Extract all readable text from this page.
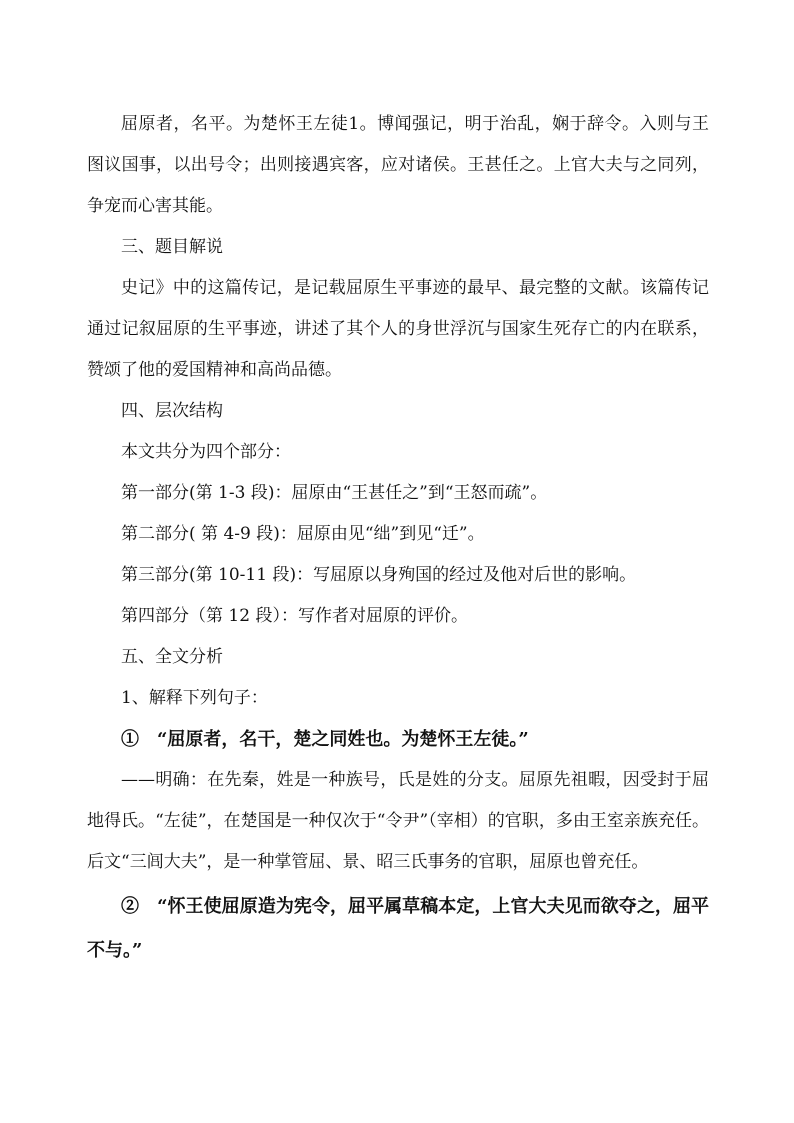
屈原者，名平。为楚怀王左徒1。博闻强记，明于治乱，娴于辞令。入则与王图议国事，以出号令；出则接遇宾客，应对诸侯。王甚任之。上官大夫与之同列，争宠而心害其能。

三、题目解说

史记》中的这篇传记，是记载屈原生平事迹的最早、最完整的文献。该篇传记通过记叙屈原的生平事迹，讲述了其个人的身世浮沉与国家生死存亡的内在联系，赞颂了他的爱国精神和高尚品德。

四、层次结构

本文共分为四个部分：

第一部分(第 1-3 段)：屈原由“王甚任之”到“王怒而疏”。

第二部分( 第 4-9 段)：屈原由见“绌”到见“迁”。

第三部分(第 10-11 段)：写屈原以身殉国的经过及他对后世的影响。

第四部分（第 12 段）：写作者对屈原的评价。

五、全文分析

1、解释下列句子：

①　“屈原者，名干，楚之同姓也。为楚怀王左徒。”

——明确：在先秦，姓是一种族号，氏是姓的分支。屈原先祖暇，因受封于屈地得氏。“左徒”，在楚国是一种仅次于“令尹”（宰相）的官职，多由王室亲族充任。后文“三闾大夫”，是一种掌管屈、景、昭三氏事务的官职，屈原也曾充任。

②　“怀王使屈原造为宪令，屈平属草稿本定，上官大夫见而欲夺之，屈平不与。”
